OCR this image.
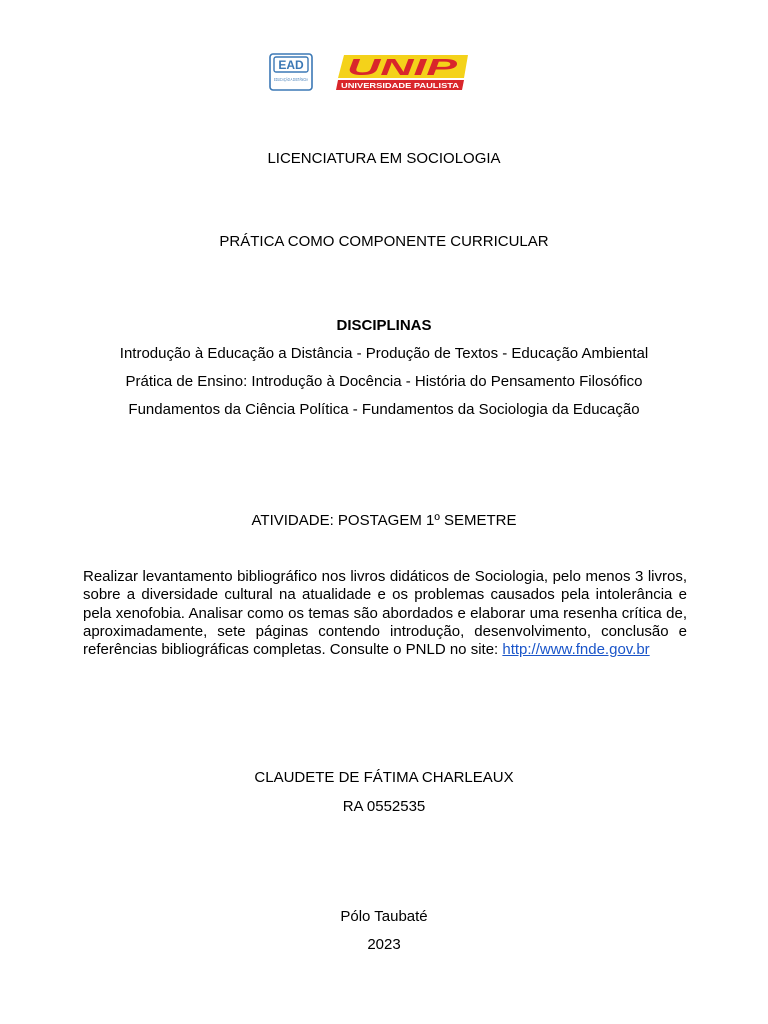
EAD
EDUCAÇÃO A DISTÂNCIA UNIP
UNIVERSIDADE PAULISTA
LICENCIATURA EM SOCIOLOGIA
PRÁTICA COMO COMPONENTE CURRICULAR
DISCIPLINAS
Introdução à Educação a Distância - Produção de Textos - Educação Ambiental
Prática de Ensino: Introdução à Docência - História do Pensamento Filosófico
Fundamentos da Ciência Política - Fundamentos da Sociologia da Educação
ATIVIDADE: POSTAGEM 1º SEMETRE
Realizar levantamento bibliográfico nos livros didáticos de Sociologia, pelo menos 3 livros, sobre a diversidade cultural na atualidade e os problemas causados pela intolerância e pela xenofobia. Analisar como os temas são abordados e elaborar uma resenha crítica de, aproximadamente, sete páginas contendo introdução, desenvolvimento, conclusão e referências bibliográficas completas. Consulte o PNLD no site: http://www.fnde.gov.br
CLAUDETE DE FÁTIMA CHARLEAUX
RA 0552535
Pólo Taubaté
2023
